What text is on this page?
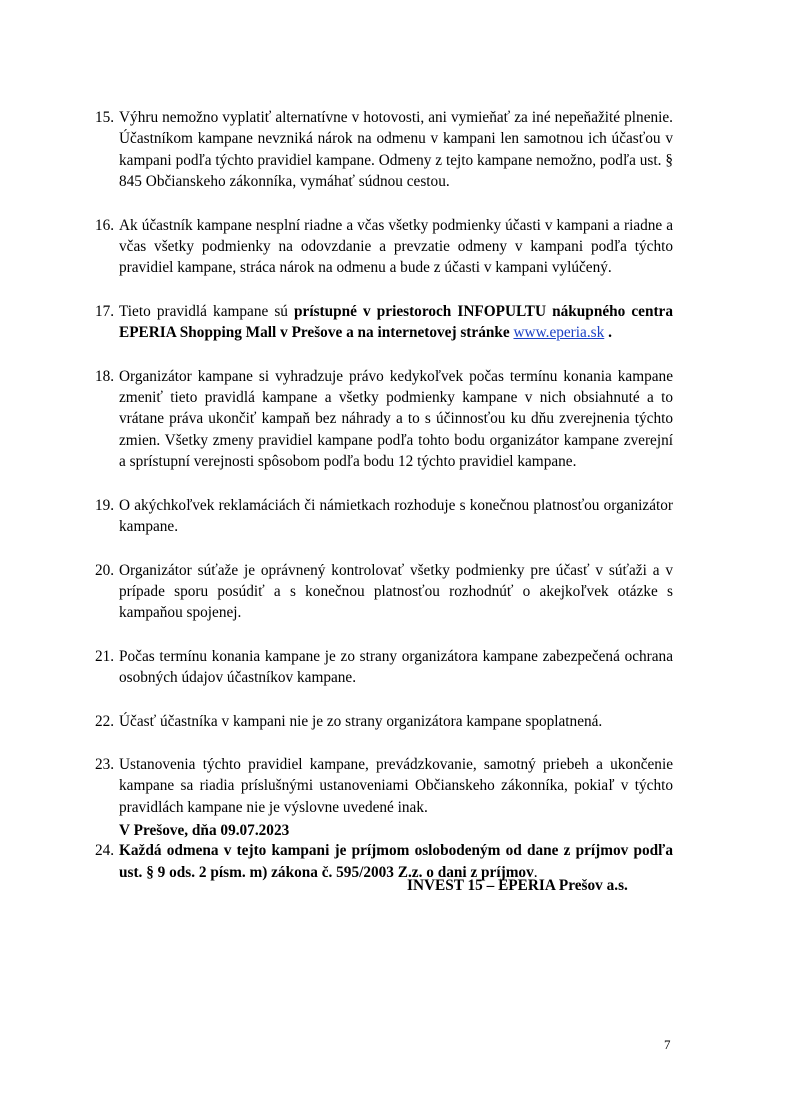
15. Výhru nemožno vyplatiť alternatívne v hotovosti, ani vymieňať za iné nepeňažité plnenie. Účastníkom kampane nevzniká nárok na odmenu v kampani len samotnou ich účasťou v kampani podľa týchto pravidiel kampane. Odmeny z tejto kampane nemožno, podľa ust. § 845 Občianskeho zákonníka, vymáhať súdnou cestou.
16. Ak účastník kampane nesplní riadne a včas všetky podmienky účasti v kampani a riadne a včas všetky podmienky na odovzdanie a prevzatie odmeny v kampani podľa týchto pravidiel kampane, stráca nárok na odmenu a bude z účasti v kampani vylúčený.
17. Tieto pravidlá kampane sú prístupné v priestoroch INFOPULTU nákupného centra EPERIA Shopping Mall v Prešove a na internetovej stránke www.eperia.sk .
18. Organizátor kampane si vyhradzuje právo kedykoľvek počas termínu konania kampane zmeniť tieto pravidlá kampane a všetky podmienky kampane v nich obsiahnuté a to vrátane práva ukončiť kampaň bez náhrady a to s účinnosťou ku dňu zverejnenia týchto zmien. Všetky zmeny pravidiel kampane podľa tohto bodu organizátor kampane zverejní a sprístupní verejnosti spôsobom podľa bodu 12 týchto pravidiel kampane.
19. O akýchkoľvek reklamáciách či námietkach rozhoduje s konečnou platnosťou organizátor kampane.
20. Organizátor súťaže je oprávnený kontrolovať všetky podmienky pre účasť v súťaži a v prípade sporu posúdiť a s konečnou platnosťou rozhodnúť o akejkoľvek otázke s kampaňou spojenej.
21. Počas termínu konania kampane je zo strany organizátora kampane zabezpečená ochrana osobných údajov účastníkov kampane.
22. Účasť účastníka v kampani nie je zo strany organizátora kampane spoplatnená.
23. Ustanovenia týchto pravidiel kampane, prevádzkovanie, samotný priebeh a ukončenie kampane sa riadia príslušnými ustanoveniami Občianskeho zákonníka, pokiaľ v týchto pravidlách kampane nie je výslovne uvedené inak.
24. Každá odmena v tejto kampani je príjmom oslobodeným od dane z príjmov podľa ust. § 9 ods. 2 písm. m) zákona č. 595/2003 Z.z. o dani z príjmov.
V Prešove, dňa 09.07.2023
INVEST 15 – EPERIA Prešov a.s.
7
